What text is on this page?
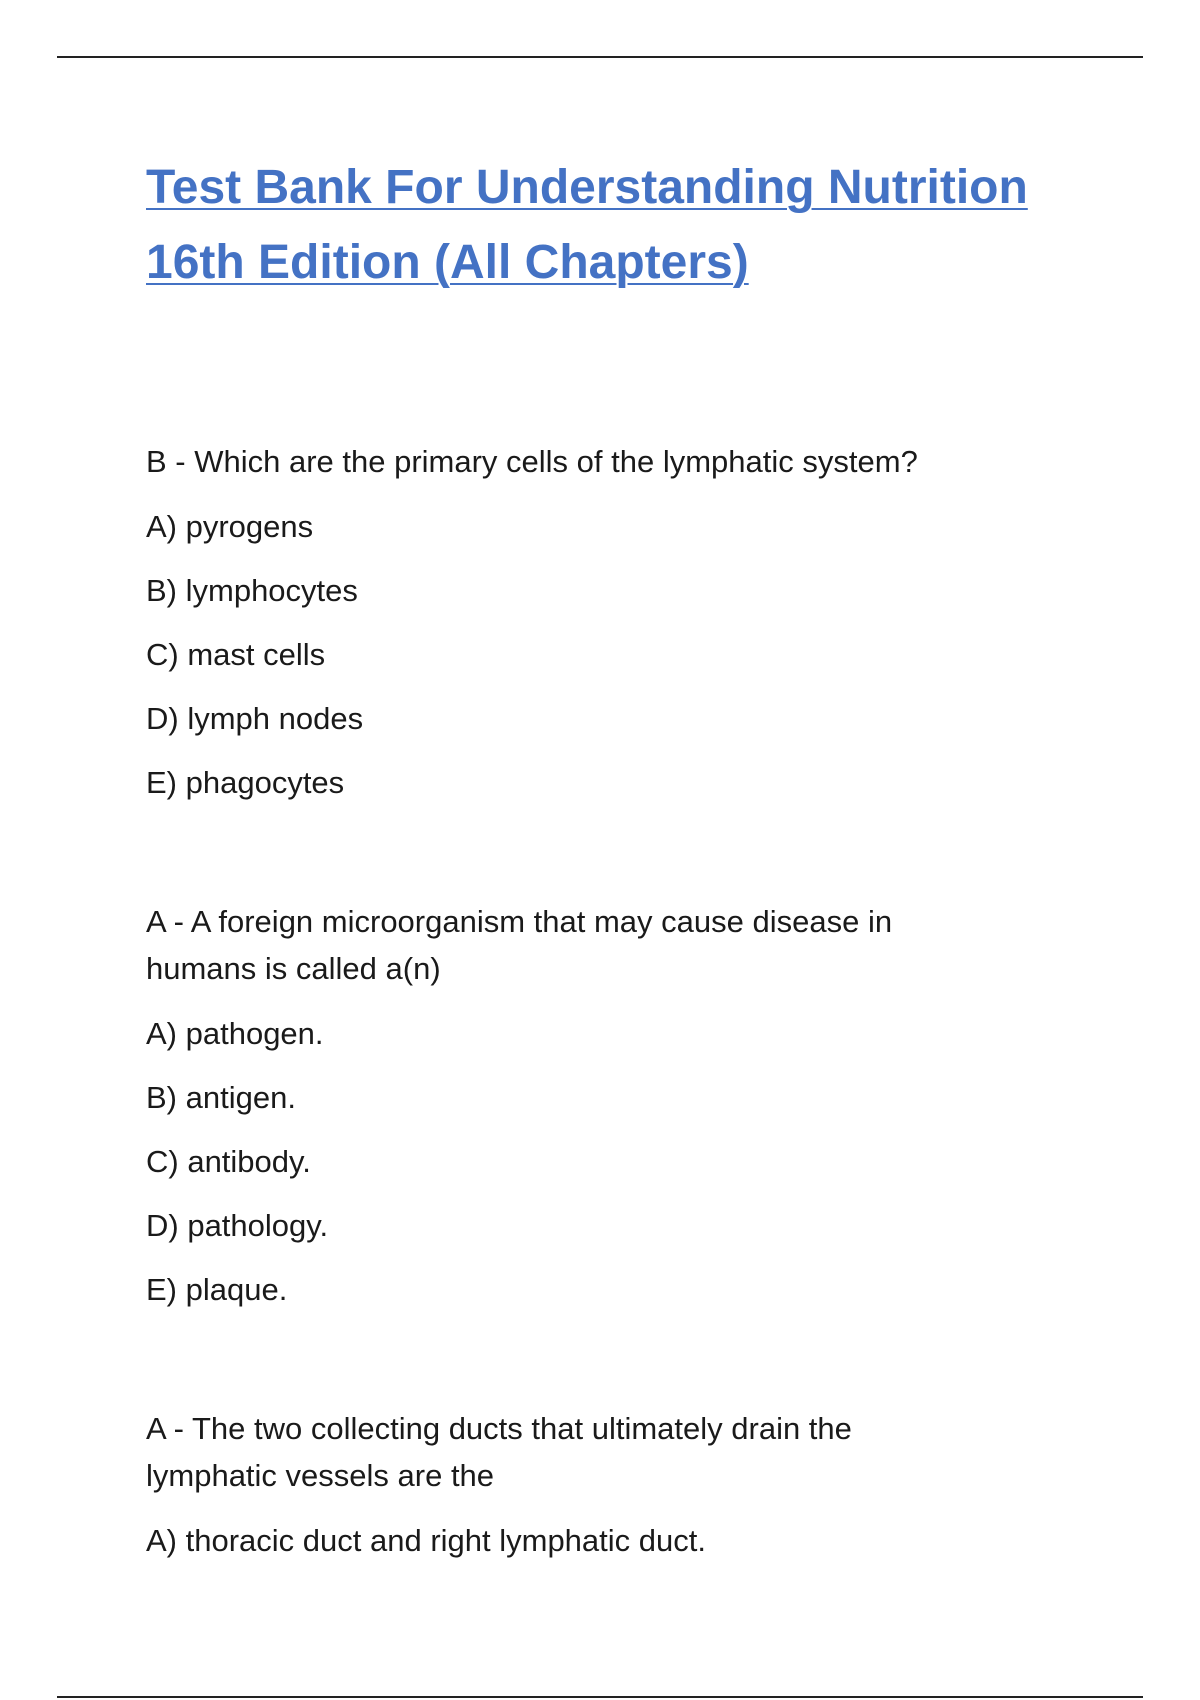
Test Bank For Understanding Nutrition
16th Edition (All Chapters)

B - Which are the primary cells of the lymphatic system?

A) pyrogens
B) lymphocytes
C) mast cells
D) lymph nodes
E) phagocytes

A - A foreign microorganism that may cause disease in humans is called a(n)

A) pathogen.
B) antigen.
C) antibody.
D) pathology.
E) plaque.

A - The two collecting ducts that ultimately drain the lymphatic vessels are the

A) thoracic duct and right lymphatic duct.
